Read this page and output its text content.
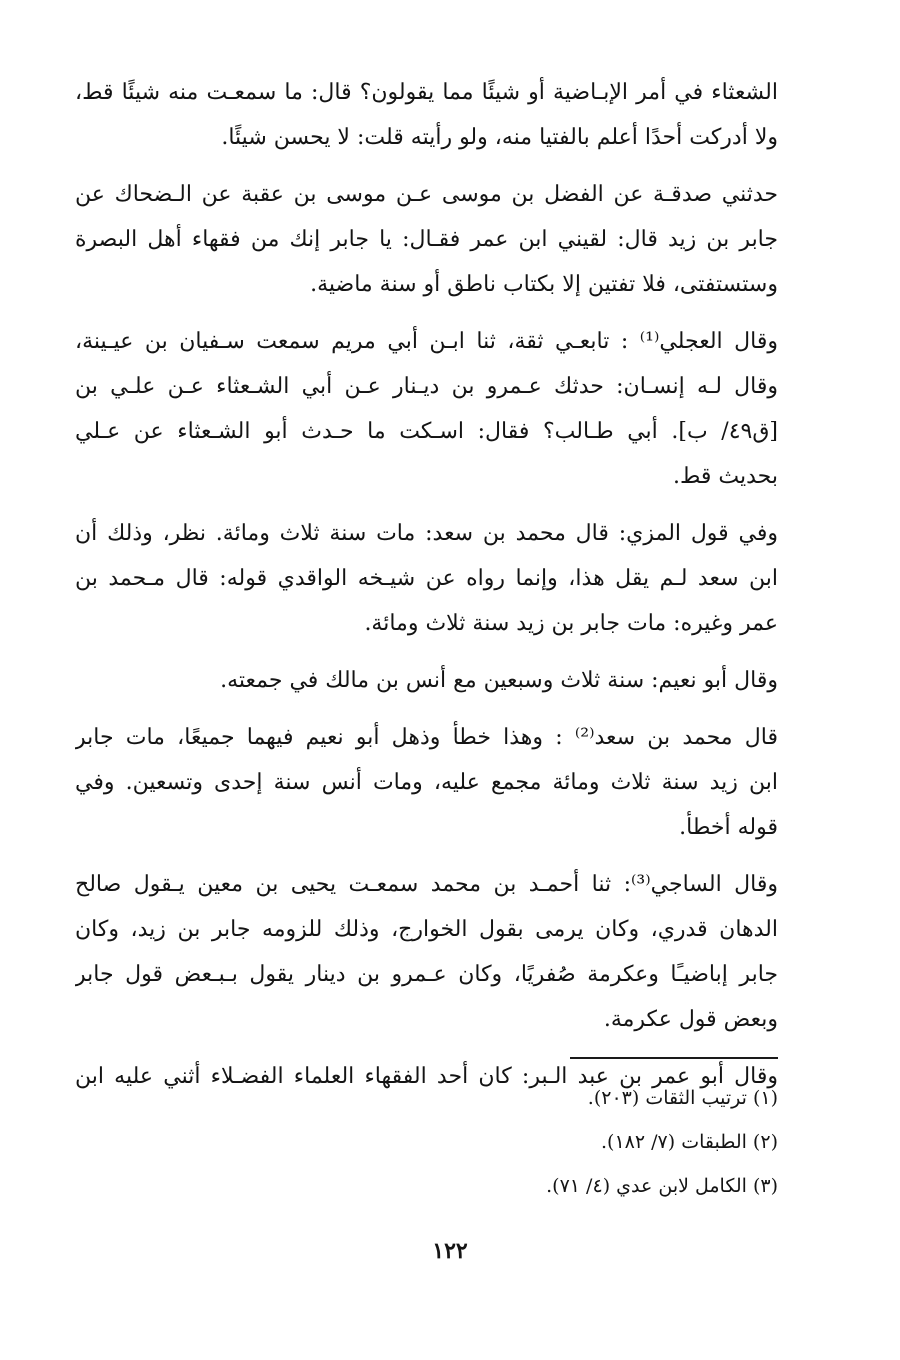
الشعثاء في أمر الإبـاضية أو شيئًا مما يقولون؟ قال: ما سمعـت منه شيئًا قط،
ولا أدركت أحدًا أعلم بالفتيا منه، ولو رأيته قلت: لا يحسن شيئًا.
حدثني صدقـة عن الفضل بن موسى عـن موسى بن عقبة عن الـضحاك عن
جابر بن زيد قال: لقيني ابن عمر فقـال: يا جابر إنك من فقهاء أهل البصرة
وستستفتى، فلا تفتين إلا بكتاب ناطق أو سنة ماضية.
وقال العجلي⁽¹⁾ : تابعـي ثقة، ثنا ابـن أبي مريم سمعت سـفيان بن عيـينة،
وقال لـه إنسـان: حدثك عـمرو بن ديـنار عـن أبي الشـعثاء عـن علـي بن
[ق٤٩/ ب]. أبي طـالب؟ فقال: اسـكت ما حـدث أبو الشـعثاء عن عـلي
بحديث قط.
وفي قول المزي: قال محمد بن سعد: مات سنة ثلاث ومائة. نظر، وذلك أن
ابن سعد لـم يقل هذا، وإنما رواه عن شيـخه الواقدي قوله: قال مـحمد بن
عمر وغيره: مات جابر بن زيد سنة ثلاث ومائة.
وقال أبو نعيم: سنة ثلاث وسبعين مع أنس بن مالك في جمعته.
قال محمد بن سعد⁽²⁾ : وهذا خطأ وذهل أبو نعيم فيهما جميعًا، مات جابر
ابن زيد سنة ثلاث ومائة مجمع عليه، ومات أنس سنة إحدى وتسعين. وفي
قوله أخطأ.
وقال الساجي⁽³⁾: ثنا أحمـد بن محمد سمعـت يحيى بن معين يـقول صالح
الدهان قدري، وكان يرمى بقول الخوارج، وذلك للزومه جابر بن زيد، وكان
جابر إباضيـًا وعكرمة صُفريًا، وكان عـمرو بن دينار يقول بـبـعض قول جابر
وبعض قول عكرمة.
وقال أبو عمر بن عبد الـبر: كان أحد الفقهاء العلماء الفضـلاء أثني عليه ابن
(١) ترتيب الثقات (٢٠٣).
(٢) الطبقات (٧/ ١٨٢).
(٣) الكامل لابن عدي (٤/ ٧١).
١٢٢
